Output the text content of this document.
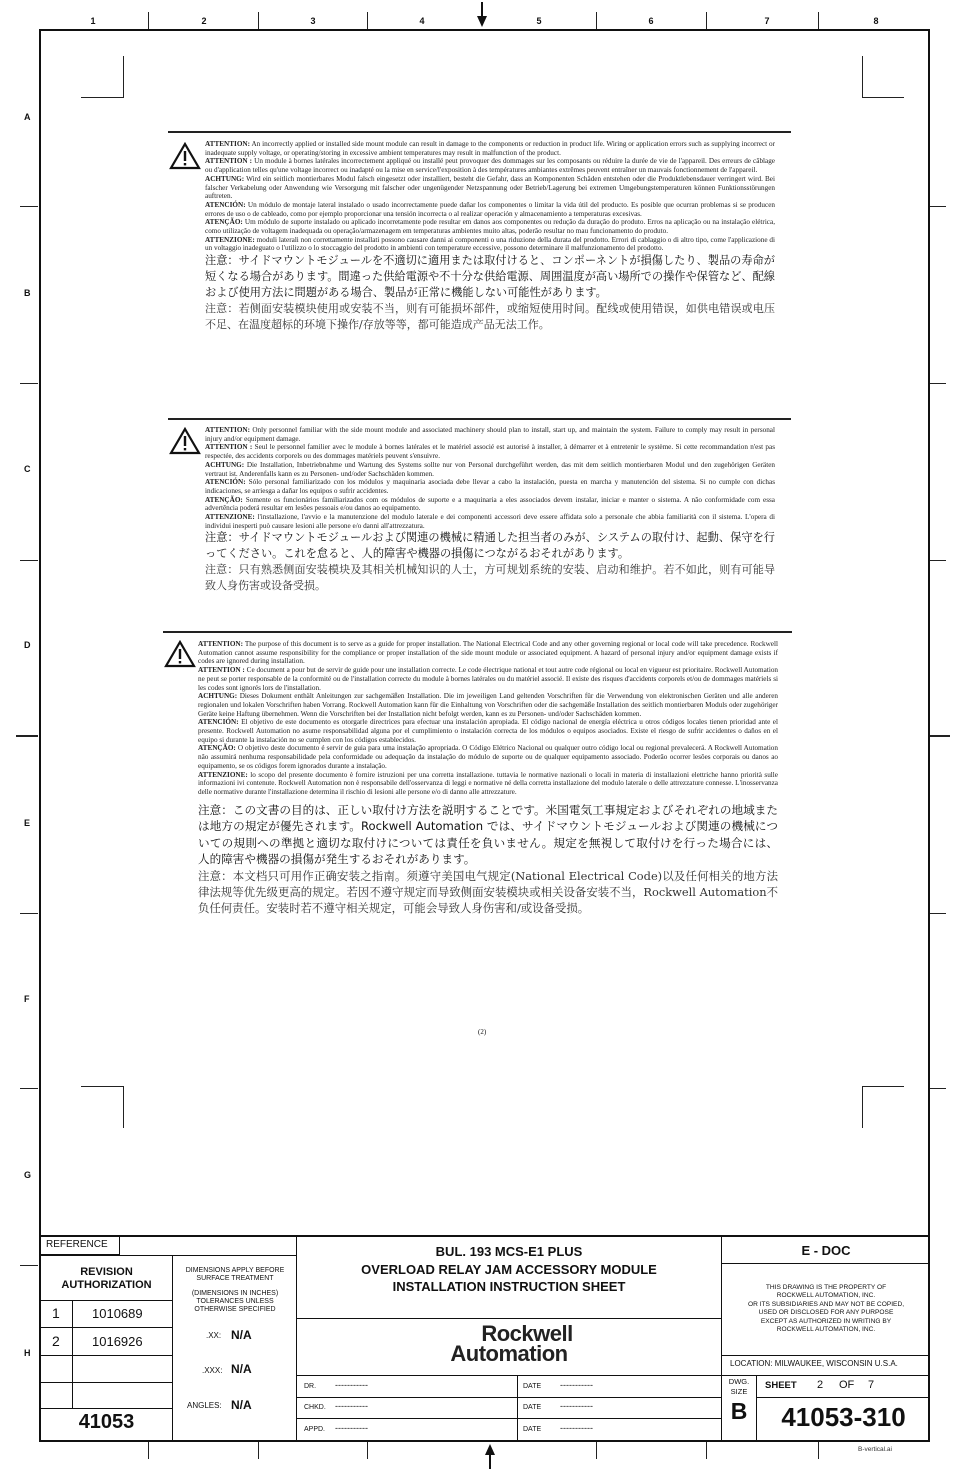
1	2	3	4	5	6	7	8
A
B
C
D
E
F
G
H

ATTENTION: An incorrectly applied or installed side mount module can result in damage to the components or reduction in product life. Wiring or application errors such as supplying incorrect or inadequate supply voltage, or operating/storing in excessive ambient temperatures may result in malfunction of the product.

ATTENTION : Un module à bornes latérales incorrectement appliqué ou installé peut provoquer des dommages sur les composants ou réduire la durée de vie de l'appareil. Des erreurs de câblage ou d'application telles qu'une voltage incorrect ou inadapté ou la mise en service/l'exposition à des températures ambiantes extrêmes peuvent entraîner un mauvais fonctionnement de l'appareil.

ACHTUNG: Wird ein seitlich montierbares Modul falsch eingesetzt oder installiert, besteht die Gefahr, dass an Komponenten Schäden entstehen oder die Produktlebensdauer verringert wird. Bei falscher Verkabelung oder Anwendung wie Versorgung mit falscher oder ungenügender Netzspannung oder Betrieb/Lagerung bei extremen Umgebungstemperaturen können Funktionsstörungen auftreten.

ATENCIÓN: Un módulo de montaje lateral instalado o usado incorrectamente puede dañar los componentes o limitar la vida útil del producto. Es posible que ocurran problemas si se producen errores de uso o de cableado, como por ejemplo proporcionar una tensión incorrecta o al realizar operación y almacenamiento a temperaturas excesivas.

ATENÇÃO: Um módulo de suporte instalado ou aplicado incorretamente pode resultar em danos aos componentes ou redução da duração do produto. Erros na aplicação ou na instalação elétrica, como utilização de voltagem inadequada ou operação/armazenagem em temperaturas ambientes muito altas, poderão resultar no mau funcionamento do produto.

ATTENZIONE: moduli laterali non correttamente installati possono causare danni ai componenti o una riduzione della durata del prodotto. Errori di cablaggio o di altro tipo, come l'applicazione di un voltaggio inadeguato o l'utilizzo o lo stoccaggio del prodotto in ambienti con temperature eccessive, possono determinare il malfunzionamento del prodotto.

注意：サイドマウントモジュールを不適切に適用または取付けると、コンポーネントが損傷したり、製品の寿命が短くなる場合があります。間違った供給電源や不十分な供給電源、周囲温度が高い場所での操作や保管など、配線および使用方法に問題がある場合、製品が正常に機能しない可能性があります。

注意：若侧面安装模块使用或安装不当，则有可能损坏部件，或缩短使用时间。配线或使用错误，如供电错误或电压不足、在温度超标的环境下操作/存放等等，都可能造成产品无法工作。

ATTENTION: Only personnel familiar with the side mount module and associated machinery should plan to install, start up, and maintain the system. Failure to comply may result in personal injury and/or equipment damage.

ATTENTION : Seul le personnel familier avec le module à bornes latérales et le matériel associé est autorisé à installer, à démarrer et à entretenir le système. Si cette recommandation n'est pas respectée, des accidents corporels ou des dommages matériels peuvent s'ensuivre.

ACHTUNG: Die Installation, Inbetriebnahme und Wartung des Systems sollte nur von Personal durchgeführt werden, das mit dem seitlich montierbaren Modul und den zugehörigen Geräten vertraut ist. Anderenfalls kann es zu Personen- und/oder Sachschäden kommen.

ATENCIÓN: Sólo personal familiarizado con los módulos y maquinaria asociada debe llevar a cabo la instalación, puesta en marcha y manutención del sistema. Si no cumple con dichas indicaciones, se arriesga a dañar los equipos o sufrir accidentes.

ATENÇÃO: Somente os funcionários familiarizados com os módulos de suporte e a maquinaria a eles associados devem instalar, iniciar e manter o sistema. A não conformidade com essa advertência poderá resultar em lesões pessoais e/ou danos ao equipamento.

ATTENZIONE: l'installazione, l'avvio e la manutenzione del modulo laterale e dei componenti accessori deve essere affidata solo a personale che abbia familiarità con il sistema. L'opera di individui inesperti può causare lesioni alle persone e/o danni all'attrezzatura.

注意：サイドマウントモジュールおよび関連の機械に精通した担当者のみが、システムの取付け、起動、保守を行ってください。これを怠ると、人的障害や機器の損傷につながるおそれがあります。

注意：只有熟悉侧面安装模块及其相关机械知识的人士，方可规划系统的安装、启动和维护。若不如此，则有可能导致人身伤害或设备受损。

ATTENTION: The purpose of this document is to serve as a guide for proper installation. The National Electrical Code and any other governing regional or local code will take precedence. Rockwell Automation cannot assume responsibility for the compliance or proper installation of the side mount module or associated equipment. A hazard of personal injury and/or equipment damage exists if codes are ignored during installation.

ATTENTION : Ce document a pour but de servir de guide pour une installation correcte. Le code électrique national et tout autre code régional ou local en vigueur est prioritaire. Rockwell Automation ne peut se porter responsable de la conformité ou de l'installation correcte du module à bornes latérales ou du matériel associé. Il existe des risques d'accidents corporels et/ou de dommages matériels si les codes sont ignorés lors de l'installation.

ACHTUNG: Dieses Dokument enthält Anleitungen zur sachgemäßen Installation. Die im jeweiligen Land geltenden Vorschriften für die Verwendung von elektronischen Geräten und alle anderen regionalen und lokalen Vorschriften haben Vorrang. Rockwell Automation kann für die Einhaltung von Vorschriften oder die sachgemäße Installation des seitlich montierbaren Moduls oder zugehöriger Geräte keine Haftung übernehmen. Wenn die Vorschriften bei der Installation nicht befolgt werden, kann es zu Personen- und/oder Sachschäden kommen.

ATENCIÓN: El objetivo de este documento es otorgarle directrices para efectuar una instalación apropiada. El código nacional de energía eléctrica u otros códigos locales tienen prioridad ante el presente. Rockwell Automation no asume responsabilidad alguna por el cumplimiento o instalación correcta de los módulos o equipos asociados. Existe el riesgo de sufrir accidentes o daños en el equipo si durante la instalación no se cumplen con los códigos establecidos.

ATENÇÃO: O objetivo deste documento é servir de guia para uma instalação apropriada. O Código Elétrico Nacional ou qualquer outro código local ou regional prevalecerá. A Rockwell Automation não assumirá nenhuma responsabilidade pela conformidade ou adequação da instalação do módulo de suporte ou de qualquer equipamento associado. Poderão ocorrer lesões corporais ou danos ao equipamento, se os códigos forem ignorados durante a instalação.

ATTENZIONE: lo scopo del presente documento è fornire istruzioni per una corretta installazione. tuttavia le normative nazionali o locali in materia di installazioni elettriche hanno priorità sulle informazioni ivi contenute. Rockwell Automation non è responsabile dell'osservanza di leggi e normative né della corretta installazione del modulo laterale o delle attrezzature connesse. L'inosservanza delle normative durante l'installazione determina il rischio di lesioni alle persone e/o di danno alle attrezzature.

注意：この文書の目的は、正しい取付け方法を説明することです。米国電気工事規定およびそれぞれの地域または地方の規定が優先されます。Rockwell Automation では、サイドマウントモジュールおよび関連の機械についての規則への準拠と適切な取付けについては責任を負いません。規定を無視して取付けを行った場合には、人的障害や機器の損傷が発生するおそれがあります。

注意：本文档只可用作正确安装之指南。须遵守美国电气规定(National Electrical Code)以及任何相关的地方法律法规等优先级更高的规定。若因不遵守规定而导致侧面安装模块或相关设备安装不当，Rockwell Automation不负任何责任。安装时若不遵守相关规定，可能会导致人身伤害和/或设备受损。

(2)
REFERENCE
REVISION
AUTHORIZATION
1 1010689
2 1016926
41053
DIMENSIONS APPLY BEFORE
SURFACE TREATMENT
(DIMENSIONS IN INCHES)
TOLERANCES UNLESS
OTHERWISE SPECIFIED
.XX: N/A
.XXX: N/A
ANGLES: N/A
BUL. 193 MCS-E1 PLUS
OVERLOAD RELAY JAM ACCESSORY MODULE
INSTALLATION INSTRUCTION SHEET
Rockwell
Automation
DR. -----------	DATE -----------
CHKD. -----------	DATE -----------
APPD. -----------	DATE -----------
E - DOC
THIS DRAWING IS THE PROPERTY OF
ROCKWELL AUTOMATION, INC.
OR ITS SUBSIDIARIES AND MAY NOT BE COPIED,
USED OR DISCLOSED FOR ANY PURPOSE
EXCEPT AS AUTHORIZED IN WRITING BY
ROCKWELL AUTOMATION, INC.
LOCATION: MILWAUKEE, WISCONSIN U.S.A.
DWG.
SIZE
B
SHEET 2 OF 7
41053-310
B-vertical.ai
